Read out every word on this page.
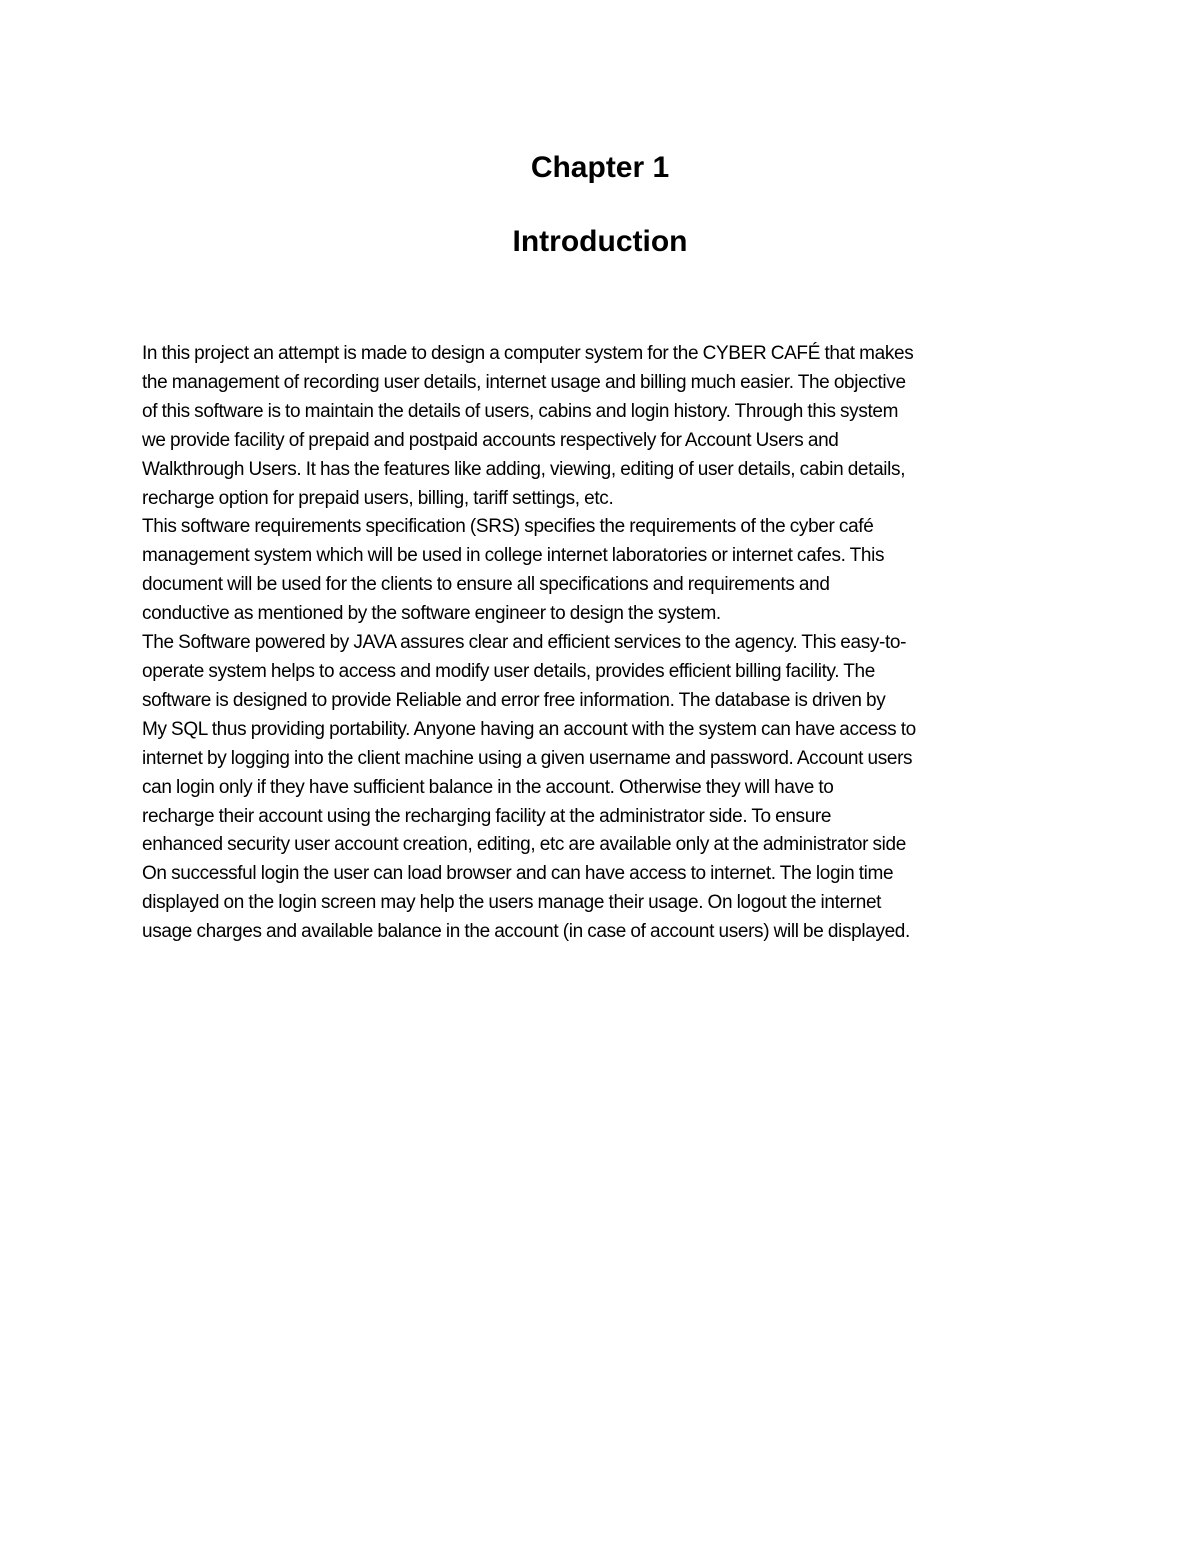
Chapter 1
Introduction
In this project an attempt is made to design a computer system for the CYBER CAFÉ that makes
the management of recording user details, internet usage and billing much easier. The objective
of this software is to maintain the details of users, cabins and login history. Through this system
we provide facility of prepaid and postpaid accounts respectively for Account Users and
Walkthrough Users. It has the features like adding, viewing, editing of user details, cabin details,
recharge option for prepaid users, billing, tariff settings, etc.
This software requirements specification (SRS) specifies the requirements of the cyber café
management system which will be used in college internet laboratories or internet cafes. This
document will be used for the clients to ensure all specifications and requirements and
conductive as mentioned by the software engineer to design the system.
The Software powered by JAVA assures clear and efficient services to the agency. This easy-to-
operate system helps to access and modify user details, provides efficient billing facility. The
software is designed to provide Reliable and error free information. The database is driven by
My SQL thus providing portability. Anyone having an account with the system can have access to
internet by logging into the client machine using a given username and password. Account users
can login only if they have sufficient balance in the account. Otherwise they will have to
recharge their account using the recharging facility at the administrator side. To ensure
enhanced security user account creation, editing, etc are available only at the administrator side
On successful login the user can load browser and can have access to internet. The login time
displayed on the login screen may help the users manage their usage. On logout the internet
usage charges and available balance in the account (in case of account users) will be displayed.
